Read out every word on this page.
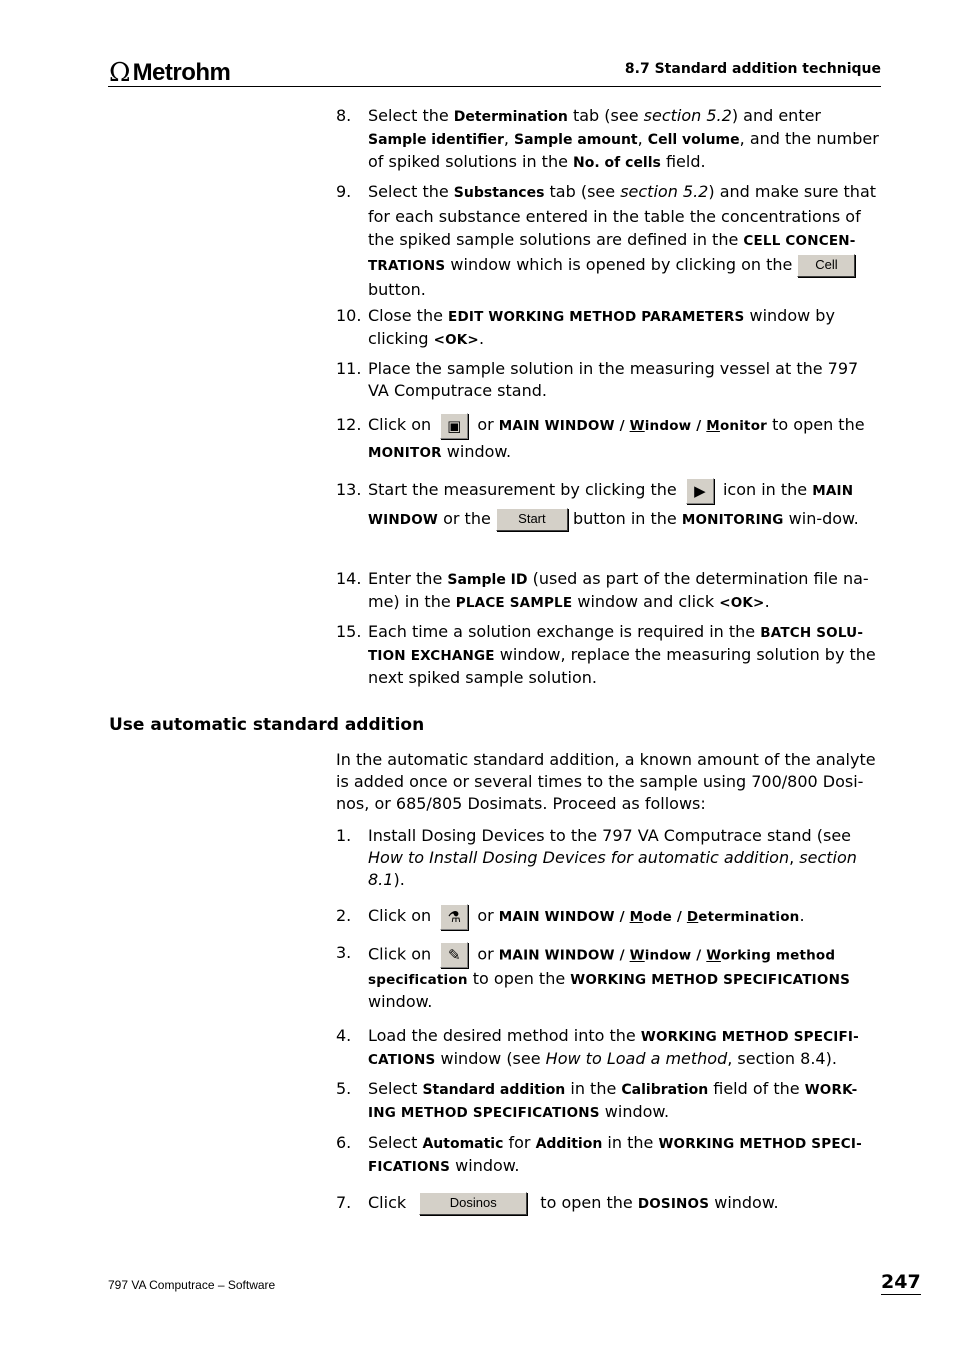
Ω Metrohm	8.7 Standard addition technique
8. Select the Determination tab (see section 5.2) and enter Sample identifier, Sample amount, Cell volume, and the number of spiked solutions in the No. of cells field.
9. Select the Substances tab (see section 5.2) and make sure that for each substance entered in the table the concentrations of the spiked sample solutions are defined in the CELL CONCEN-TRATIONS window which is opened by clicking on the Cell button.
10. Close the EDIT WORKING METHOD PARAMETERS window by clicking <OK>.
11. Place the sample solution in the measuring vessel at the 797 VA Computrace stand.
12. Click on ▣ or MAIN WINDOW / Window / Monitor to open the MONITOR window.
13. Start the measurement by clicking the ▶ icon in the MAIN WINDOW or the Start button in the MONITORING win-dow.
14. Enter the Sample ID (used as part of the determination file na-me) in the PLACE SAMPLE window and click <OK>.
15. Each time a solution exchange is required in the BATCH SOLU-TION EXCHANGE window, replace the measuring solution by the next spiked sample solution.
Use automatic standard addition
In the automatic standard addition, a known amount of the analyte is added once or several times to the sample using 700/800 Dosi-nos, or 685/805 Dosimats. Proceed as follows:
1. Install Dosing Devices to the 797 VA Computrace stand (see How to Install Dosing Devices for automatic addition, section 8.1).
2. Click on ⚗ or MAIN WINDOW / Mode / Determination.
3. Click on ✎ or MAIN WINDOW / Window / Working method specification to open the WORKING METHOD SPECIFICATIONS window.
4. Load the desired method into the WORKING METHOD SPECIFI-CATIONS window (see How to Load a method, section 8.4).
5. Select Standard addition in the Calibration field of the WORK-ING METHOD SPECIFICATIONS window.
6. Select Automatic for Addition in the WORKING METHOD SPECI-FICATIONS window.
7. Click	Dosinos to open the DOSINOS window.
797 VA Computrace – Software	247
